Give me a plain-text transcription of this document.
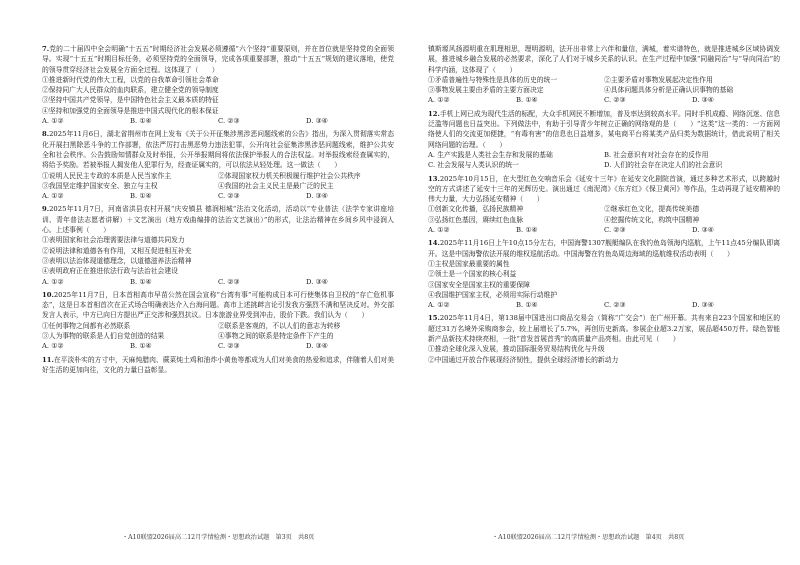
7.党的二十届四中全会明确“十五五”时期经济社会发展必须遵循“六个坚持”重要原则，并在首位就是坚持党的全面领导。实现“十五五”时期目标任务，必须坚持党的全面领导，完成各项重要部署，推动“十五五”规划的建议落地，使党的领导贯穿经济社会发展全方面全过程。这体现了（　　）

①推进新时代党的伟大工程，以党的自我革命引领社会革命
②保持同广大人民群众的血肉联系，建立健全党的领导制度
③坚持中国共产党领导，是中国特色社会主义最本质的特征
④坚持和加强党的全面领导是推进中国式现代化的根本保证
A. ①②	B. ①④	C. ②③	D. ③④

8.2025年11月6日，湖北省荆州市在网上发布《关于公开征集涉黑涉恶问题线索的公告》指出，为深入贯彻落实常态化开展扫黑除恶斗争的工作部署，依法严厉打击黑恶势力违法犯罪，公开向社会征集涉黑涉恶问题线索，维护公共安全和社会秩序。公告鼓励知情群众及时举报，公开举报期间将依法保护举报人的合法权益。对举报线索经查属实的，将给予奖励。若被举报人揭发他人犯罪行为，经查证属实的，可以依法从轻处理。这一做法（　　）

①说明人民民主专政的本质是人民当家作主	②体现国家权力机关积极履行维护社会公共秩序
③我国坚定维护国家安全、独立与主权	④我国的社会主义民主是最广泛的民主
A. ①②	B. ①④	C. ②③	D. ③④

9.2025年11月7日，河南省洪县农村开展“庆安镇县 德润相城”法治文化活动，活动以“专业普法（法学专家讲座培训、青年普法志愿者讲解）＋文艺演出（地方戏曲编排的法治文艺演出）”的形式，让法治精神在乡间乡风中浸润人心。上述事例（　　）

①表明国家和社会治理需要法律与道德共同发力
②说明法律和道德各有作用，又相互促进相互补充
③表明以法治体现道德理念，以道德滋养法治精神
④表明政府正在推进依法行政与法治社会建设
A. ①②	B. ①④	C. ②③	D. ③④

10.2025年11月7日，日本首相高市早苗公然在国会宣称“台湾有事”可能构成日本可行使集体自卫权的“存亡危机事态”，这是日本首相首次在正式场合明确表达介入台海问题。高市上述挑衅言论引发我方强烈不满和坚决反对。外交部发言人表示，中方已向日方提出严正交涉和强烈抗议。日本旅游业界受到冲击，股价下跌。我们认为（　　）

①任何事物之间都有必然联系	②联系是客观的，不以人们的意志为转移
③人为事物的联系是人们自觉创造的结果	④事物之间的联系是特定条件下产生的
A. ①②	B. ①④	C. ②③	D. ③④

11.在平淡朴实的方寸中，天麻炖腊肉、蕨菜炖土鸡和油炸小黄鱼等都成为人们对美食的热爱和追求，伴随着人们对美好生活的更加向往，文化的力量日益彰显。

镇斯塬风扬源明重在肌理相思，理明源明，法开出非常上六伴和量信，满城，着实谱特色，就是推进城乡区域协调发展，推进城乡融合发展的必然要求，深化了人们对于城乡关系的认识。在生产过程中加强“同融同治”与“导向同治”的科学内涵，这体现了（　　）

①矛盾普遍性与特殊性是具体的历史的统一	②主要矛盾对事物发展起决定性作用
③事物发展主要由矛盾的主要方面决定	④具体问题具体分析是正确认识事物的基础
A. ①②	B. ①④	C. ②③	D. ③④

12.手机上网已成为现代生活的标配，大众手机网民不断增加，普及率达到较高水平。同时手机成瘾、网络沉迷、信息泛滥等问题也日益突出。下列做法中，有助于引导青少年树立正确的网络观的是（　　）“这类”这一类的：一方面网络使人们的交流更加便捷，“有毒有害”的信息也日益增多，某电商平台将某类产品归类为数据统计，借此说明了相关网络问题的治理。（　　）

A. 生产实践是人类社会生存和发展的基础	B. 社会意识有对社会存在的反作用
C. 社会发展与人类认识的统一	D. 人们的社会存在决定人们的社会意识

13.2025年10月15日，在大型红色交响音乐会《延安十三年》在延安文化剧院首演，通过多种艺术形式，以跨越时空的方式讲述了延安十三年的光辉历史。演出通过《南泥湾》《东方红》《保卫黄河》等作品，生动再现了延安精神的伟大力量，大力弘扬延安精神（　　）

①创新文化传播，弘扬民族精神	②继承红色文化，提高传统美德
③弘扬红色基因，赓续红色血脉	④挖掘传统文化，构筑中国精神
A. ①②	B. ①④	C. ②③	D. ③④

14.2025年11月16日上午10点15分左右，中国海警1307舰艇编队在我钓鱼岛领海内巡航，上午11点45分编队即离开。这是中国海警依法开展的维权巡航活动。中国海警在钓鱼岛周边海域的巡航维权活动表明（　　）

①主权是国家最重要的属性
②领土是一个国家的核心利益
③国家安全是国家主权的重要保障
④我国维护国家主权，必须用实际行动维护
A. ①②	B. ①④	C. ②③	D. ③④

15.2025年11月4日，第138届中国进出口商品交易会（简称“广交会”）在广州开幕。共有来自223个国家和地区的超过31万名境外采购商参会，较上届增长了5.7%，再创历史新高。参展企业超3.2万家，展品超450万件。绿色智能新产品新技术持续亮相，一批“首发首展首秀”的高质量产品亮相。由此可见（　　）

①推动全球化深入发展，推动国际服务贸易结构优化与升级
②中国通过开放合作展现经济韧性，提供全球经济增长的新动力
・A10联盟2026届高二12月学情检测・思想政治试题　第3页　共8页	・A10联盟2026届高二12月学情检测・思想政治试题　第4页　共8页
